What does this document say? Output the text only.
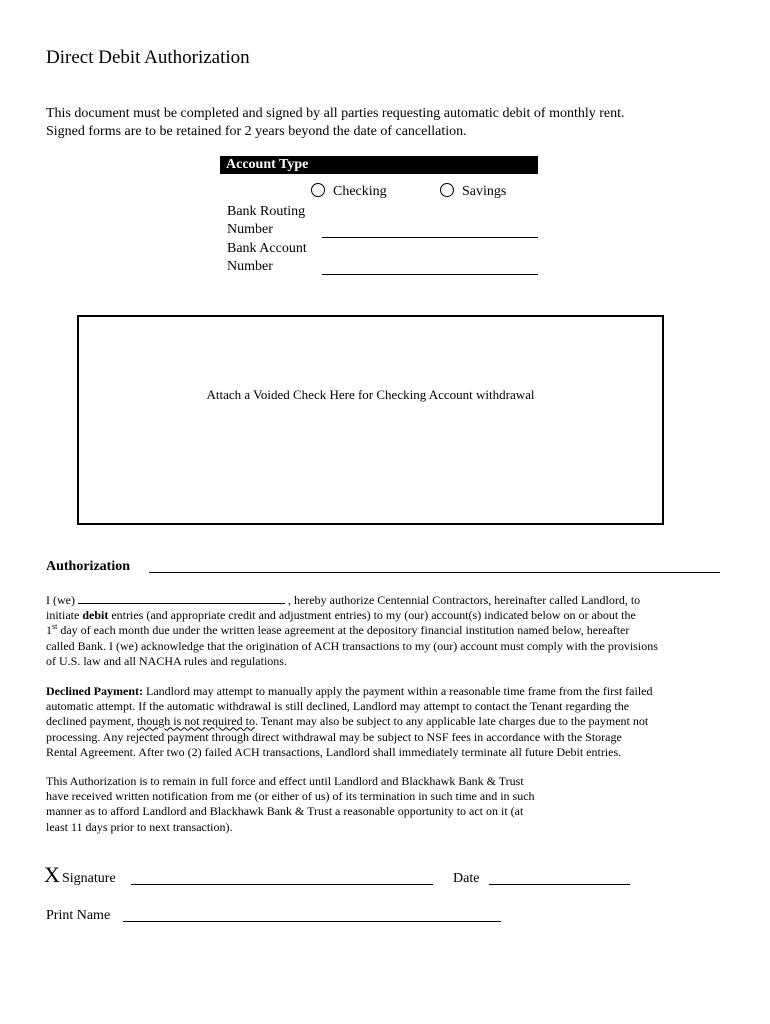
Direct Debit Authorization
This document must be completed and signed by all parties requesting automatic debit of monthly rent.
Signed forms are to be retained for 2 years beyond the date of cancellation.
Account Type
Checking	Savings
Bank Routing
Number
Bank Account
Number
Attach a Voided Check Here for Checking Account withdrawal
Authorization
I (we)	, hereby authorize Centennial Contractors, hereinafter called Landlord, to
initiate debit entries (and appropriate credit and adjustment entries) to my (our) account(s) indicated below on or about the
1st day of each month due under the written lease agreement at the depository financial institution named below, hereafter
called Bank. I (we) acknowledge that the origination of ACH transactions to my (our) account must comply with the provisions
of U.S. law and all NACHA rules and regulations.
Declined Payment: Landlord may attempt to manually apply the payment within a reasonable time frame from the first failed
automatic attempt. If the automatic withdrawal is still declined, Landlord may attempt to contact the Tenant regarding the
declined payment, though is not required to. Tenant may also be subject to any applicable late charges due to the payment not
processing. Any rejected payment through direct withdrawal may be subject to NSF fees in accordance with the Storage
Rental Agreement. After two (2) failed ACH transactions, Landlord shall immediately terminate all future Debit entries.
This Authorization is to remain in full force and effect until Landlord and Blackhawk Bank & Trust
have received written notification from me (or either of us) of its termination in such time and in such
manner as to afford Landlord and Blackhawk Bank & Trust a reasonable opportunity to act on it (at
least 11 days prior to next transaction).
X Signature	Date
Print Name
